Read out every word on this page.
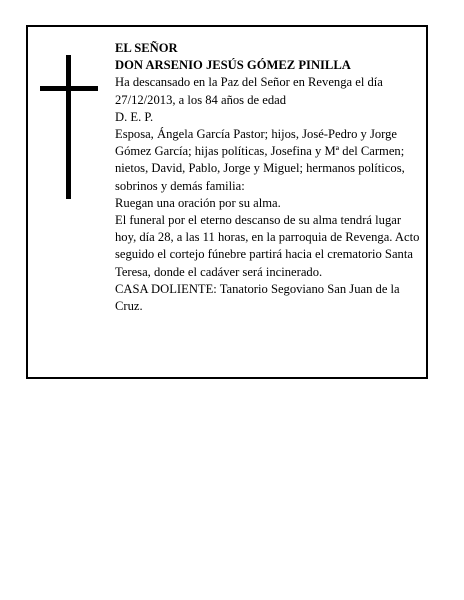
EL SEÑOR

DON ARSENIO JESÚS GÓMEZ PINILLA

Ha descansado en la Paz del Señor en Revenga el día 27/12/2013, a los 84 años de edad

D. E. P.

Esposa, Ángela García Pastor; hijos, José-Pedro y Jorge Gómez García; hijas políticas, Josefina y Mª del Carmen; nietos, David, Pablo, Jorge y Miguel; hermanos políticos, sobrinos y demás familia:

Ruegan una oración por su alma.

El funeral por el eterno descanso de su alma tendrá lugar hoy, día 28, a las 11 horas, en la parroquia de Revenga. Acto seguido el cortejo fúnebre partirá hacia el crematorio Santa Teresa, donde el cadáver será incinerado.

CASA DOLIENTE: Tanatorio Segoviano San Juan de la Cruz.
